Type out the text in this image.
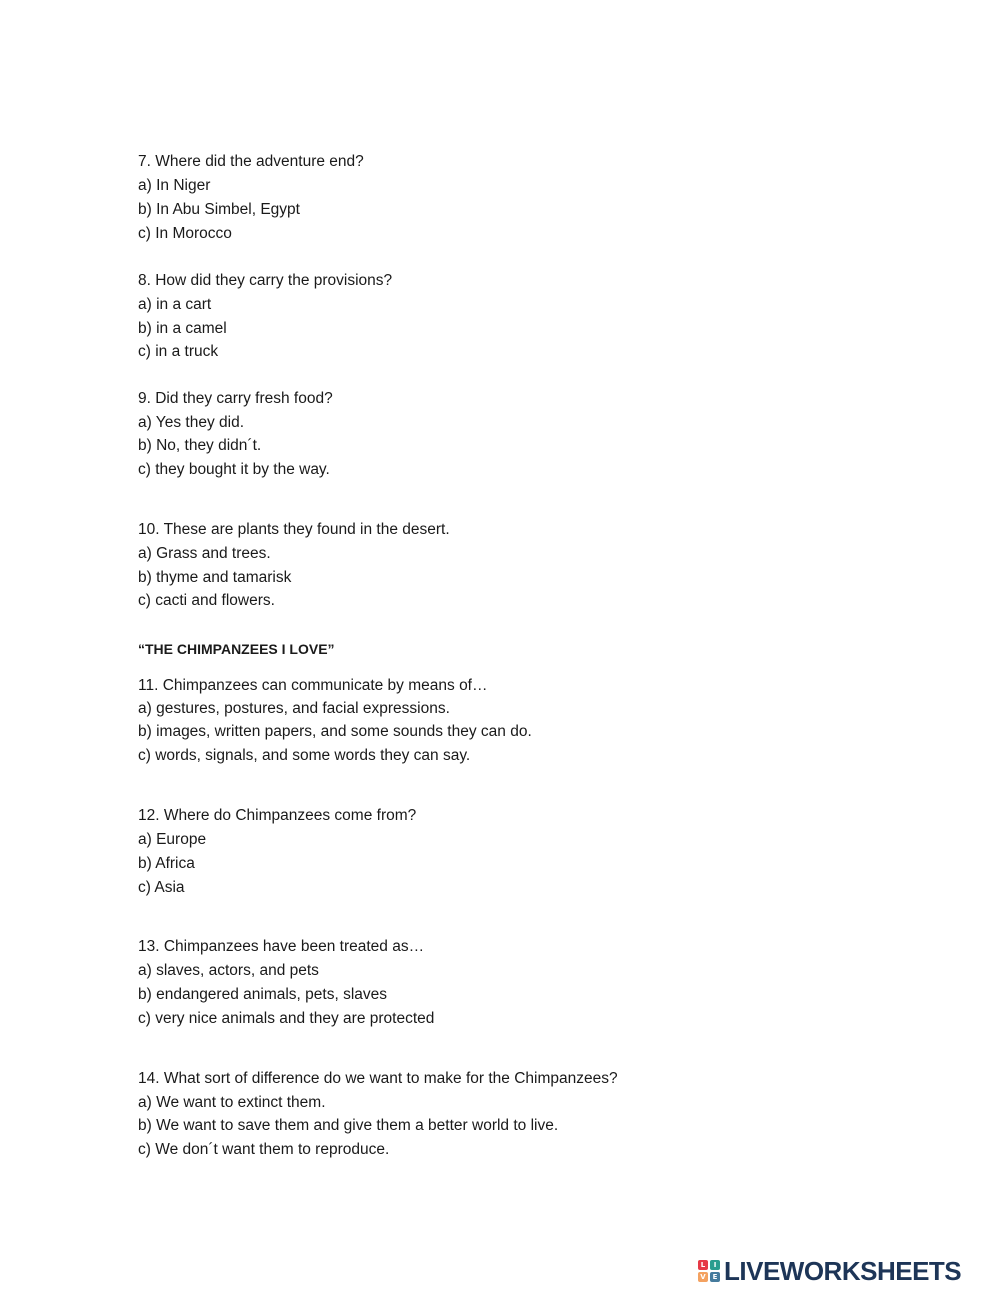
7. Where did the adventure end?
a) In Niger
b) In Abu Simbel, Egypt
c) In Morocco
8. How did they carry the provisions?
a) in a cart
b) in a camel
c) in a truck
9. Did they carry fresh food?
a) Yes they did.
b) No, they didn´t.
c) they bought it by the way.
10. These are plants they found in the desert.
a) Grass and trees.
b) thyme and tamarisk
c) cacti and flowers.
“THE CHIMPANZEES I LOVE”
11. Chimpanzees can communicate by means of…
a) gestures, postures, and facial expressions.
b) images, written papers, and some sounds they can do.
c) words, signals, and some words they can say.
12. Where do Chimpanzees come from?
a) Europe
b) Africa
c) Asia
13. Chimpanzees have been treated as…
a) slaves, actors, and pets
b) endangered animals, pets, slaves
c) very nice animals and they are protected
14. What sort of difference do we want to make for the Chimpanzees?
a) We want to extinct them.
b) We want to save them and give them a better world to live.
c) We don´t want them to reproduce.
L	I
V E LIVEWORKSHEETS
